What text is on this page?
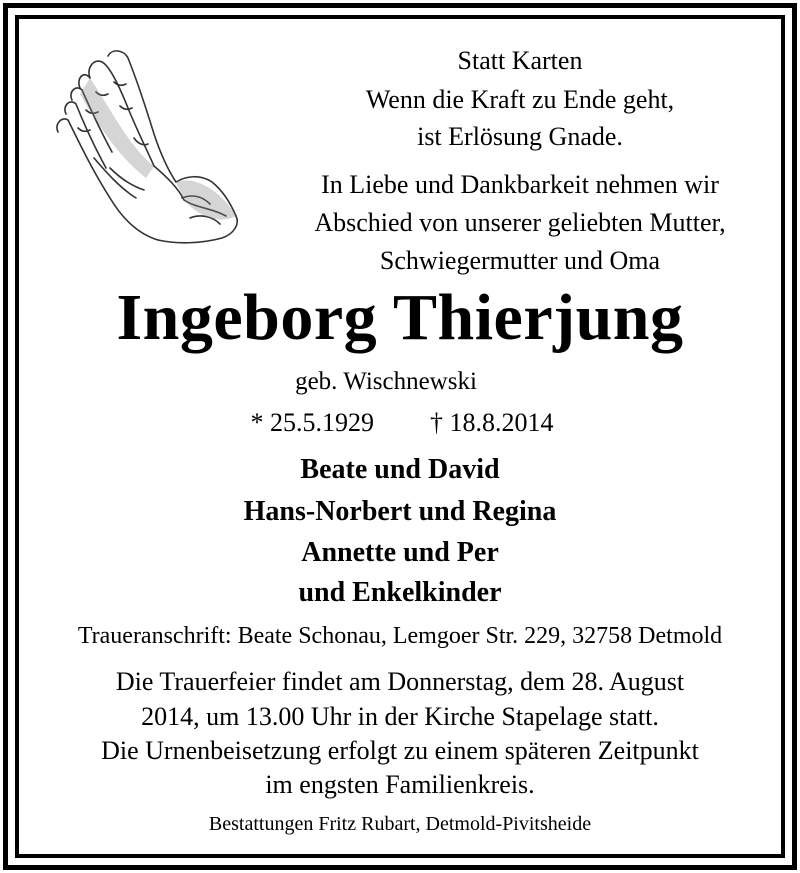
Statt Karten
Wenn die Kraft zu Ende geht,
ist Erlösung Gnade.
In Liebe und Dankbarkeit nehmen wir
Abschied von unserer geliebten Mutter,
Schwiegermutter und Oma
Ingeborg Thierjung
geb. Wischnewski
* 25.5.1929 † 18.8.2014
Beate und David
Hans-Norbert und Regina
Annette und Per
und Enkelkinder
Traueranschrift: Beate Schonau, Lemgoer Str. 229, 32758 Detmold
Die Trauerfeier findet am Donnerstag, dem 28. August
2014, um 13.00 Uhr in der Kirche Stapelage statt.
Die Urnenbeisetzung erfolgt zu einem späteren Zeitpunkt
im engsten Familienkreis.
Bestattungen Fritz Rubart, Detmold-Pivitsheide
